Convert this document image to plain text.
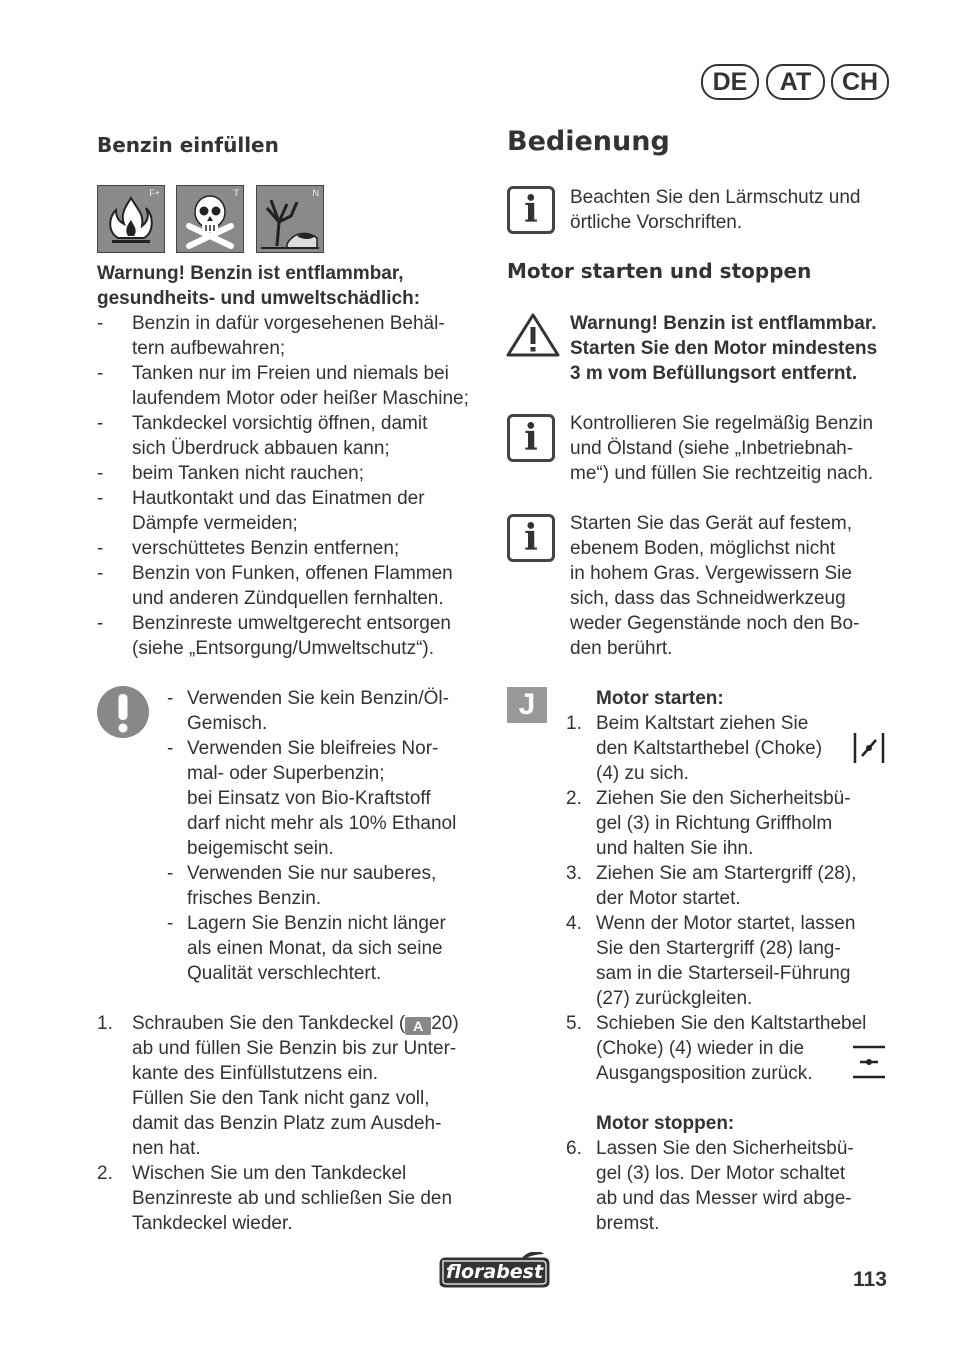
DE	AT	CH
Benzin einfüllen
F+	T	N
Warnung! Benzin ist entflammbar,
gesundheits- und umweltschädlich:
- Benzin in dafür vorgesehenen Behäl-
tern aufbewahren;
- Tanken nur im Freien und niemals bei
laufendem Motor oder heißer Maschine;
- Tankdeckel vorsichtig öffnen, damit
sich Überdruck abbauen kann;
- beim Tanken nicht rauchen;
- Hautkontakt und das Einatmen der
Dämpfe vermeiden;
- verschüttetes Benzin entfernen;
- Benzin von Funken, offenen Flammen
und anderen Zündquellen fernhalten.
- Benzinreste umweltgerecht entsorgen
(siehe „Entsorgung/Umweltschutz“).
- Verwenden Sie kein Benzin/Öl-
Gemisch.
- Verwenden Sie bleifreies Nor-
mal- oder Superbenzin;
bei Einsatz von Bio-Kraftstoff
darf nicht mehr als 10% Ethanol
beigemischt sein.
- Verwenden Sie nur sauberes,
frisches Benzin.
- Lagern Sie Benzin nicht länger
als einen Monat, da sich seine
Qualität verschlechtert.
1. Schrauben Sie den Tankdeckel ( A 20)
ab und füllen Sie Benzin bis zur Unter-
kante des Einfüllstutzens ein.
Füllen Sie den Tank nicht ganz voll,
damit das Benzin Platz zum Ausdeh-
nen hat.
2. Wischen Sie um den Tankdeckel
Benzinreste ab und schließen Sie den
Tankdeckel wieder.
Bedienung
i	Beachten Sie den Lärmschutz und
örtliche Vorschriften.
Motor starten und stoppen
Warnung! Benzin ist entflammbar.
Starten Sie den Motor mindestens
3 m vom Befüllungsort entfernt.
i	Kontrollieren Sie regelmäßig Benzin
und Ölstand (siehe „Inbetriebnah-
me“) und füllen Sie rechtzeitig nach.
i	Starten Sie das Gerät auf festem,
ebenem Boden, möglichst nicht
in hohem Gras. Vergewissern Sie
sich, dass das Schneidwerkzeug
weder Gegenstände noch den Bo-
den berührt.
J	Motor starten:
1. Beim Kaltstart ziehen Sie
den Kaltstarthebel (Choke)
(4) zu sich.
2. Ziehen Sie den Sicherheitsbü-
gel (3) in Richtung Griffholm
und halten Sie ihn.
3. Ziehen Sie am Startergriff (28),
der Motor startet.
4. Wenn der Motor startet, lassen
Sie den Startergriff (28) lang-
sam in die Starterseil-Führung
(27) zurückgleiten.
5. Schieben Sie den Kaltstarthebel
(Choke) (4) wieder in die
Ausgangsposition zurück.
Motor stoppen:
6. Lassen Sie den Sicherheitsbü-
gel (3) los. Der Motor schaltet
ab und das Messer wird abge-
bremst.
florabest	113
